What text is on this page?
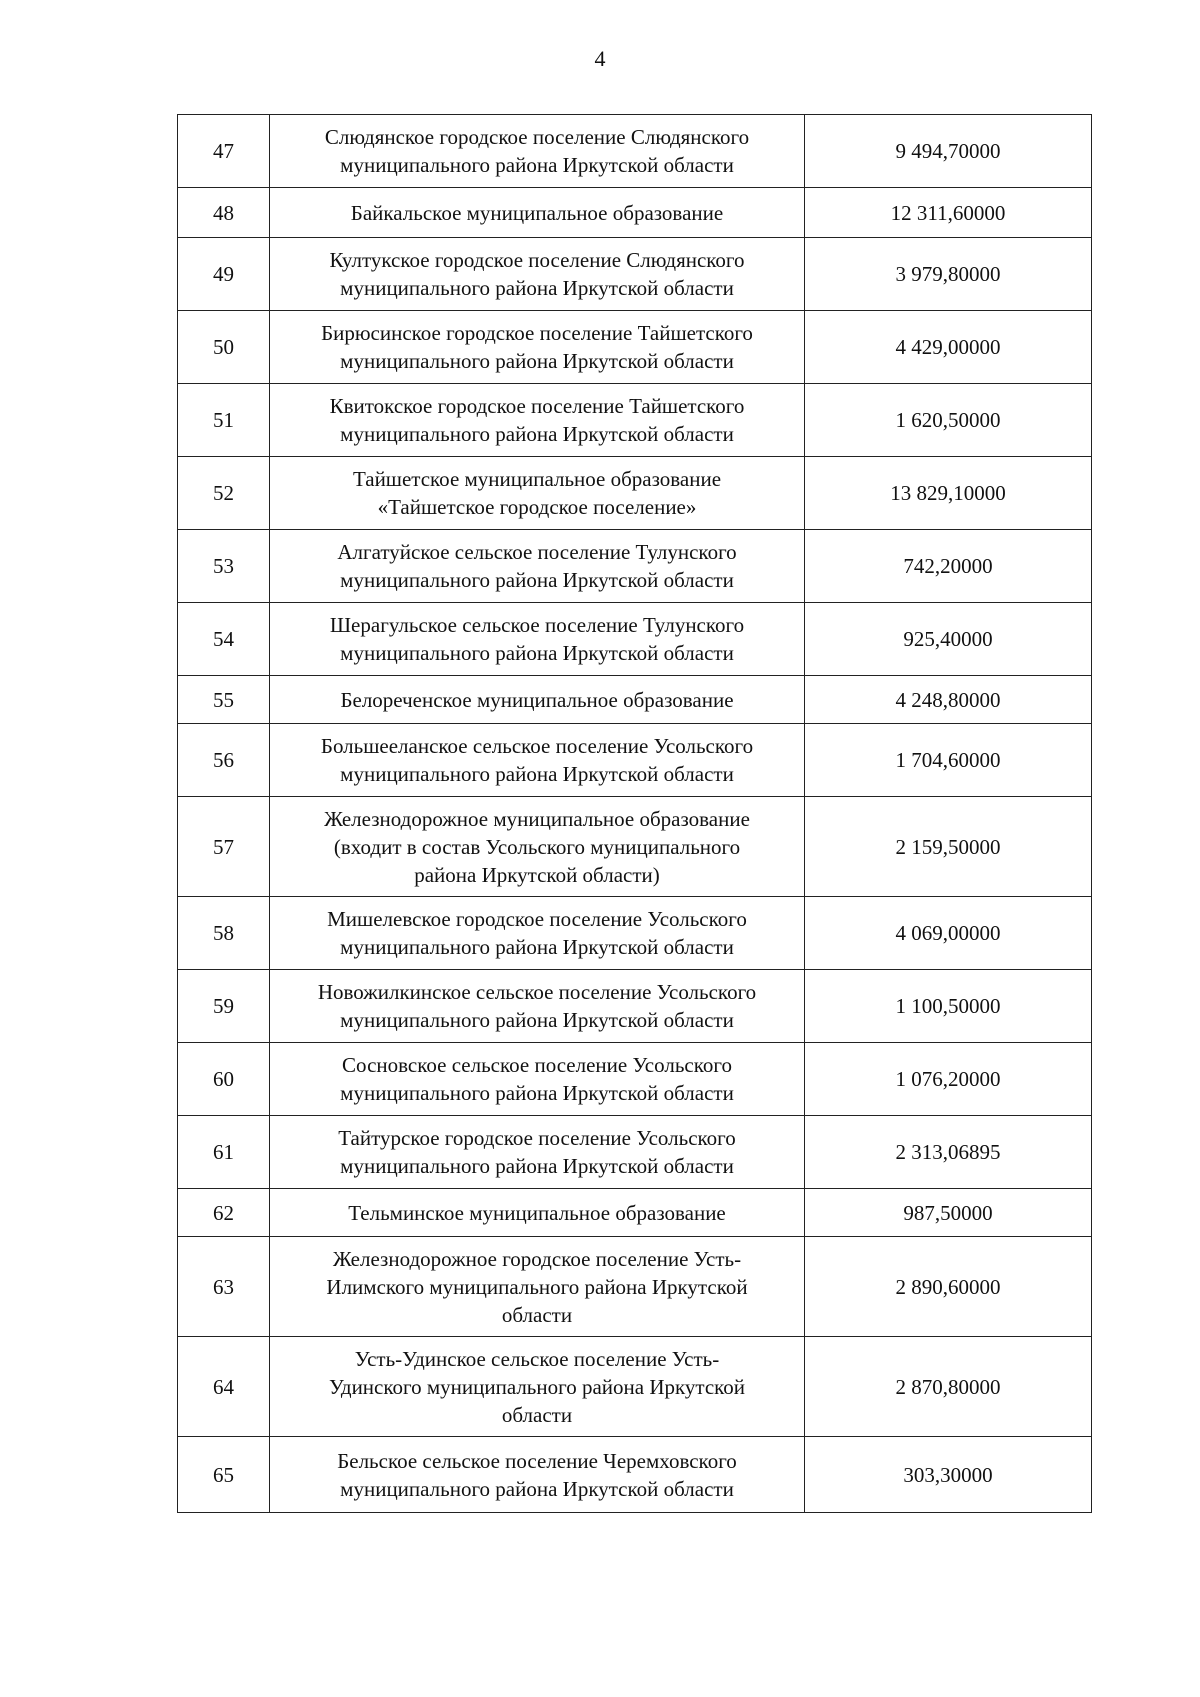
4
47	Слюдянское городское поселение Слюдянского
муниципального района Иркутской области	9 494,70000
48	Байкальское муниципальное образование	12 311,60000
49	Култукское городское поселение Слюдянского
муниципального района Иркутской области	3 979,80000
50	Бирюсинское городское поселение Тайшетского
муниципального района Иркутской области	4 429,00000
51	Квитокское городское поселение Тайшетского
муниципального района Иркутской области	1 620,50000
52	Тайшетское муниципальное образование
«Тайшетское городское поселение»	13 829,10000
53	Алгатуйское сельское поселение Тулунского
муниципального района Иркутской области	742,20000
54	Шерагульское сельское поселение Тулунского
муниципального района Иркутской области	925,40000
55	Белореченское муниципальное образование	4 248,80000
56	Большееланское сельское поселение Усольского
муниципального района Иркутской области	1 704,60000
57	Железнодорожное муниципальное образование
(входит в состав Усольского муниципального
района Иркутской области)	2 159,50000
58	Мишелевское городское поселение Усольского
муниципального района Иркутской области	4 069,00000
59	Новожилкинское сельское поселение Усольского
муниципального района Иркутской области	1 100,50000
60	Сосновское сельское поселение Усольского
муниципального района Иркутской области	1 076,20000
61	Тайтурское городское поселение Усольского
муниципального района Иркутской области	2 313,06895
62	Тельминское муниципальное образование	987,50000
63	Железнодорожное городское поселение Усть-
Илимского муниципального района Иркутской
области	2 890,60000
64	Усть-Удинское сельское поселение Усть-
Удинского муниципального района Иркутской
области	2 870,80000
65	Бельское сельское поселение Черемховского
муниципального района Иркутской области	303,30000
